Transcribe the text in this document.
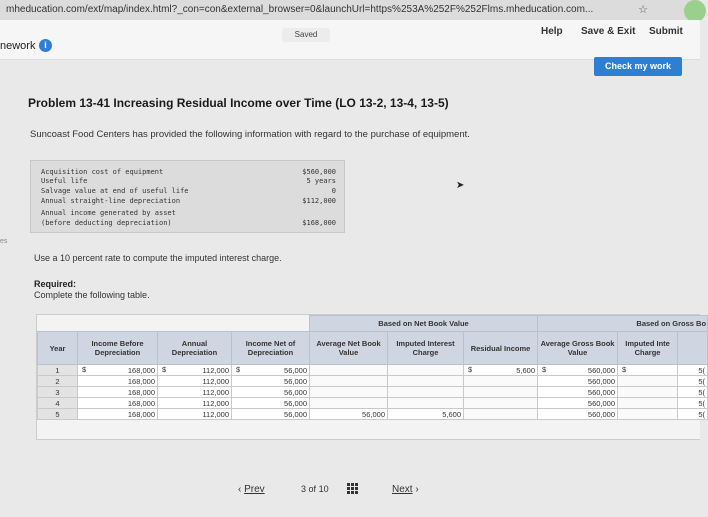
mheducation.com/ext/map/index.html?_con=con&external_browser=0&launchUrl=https%253A%252F%252Flms.mheducation.com...	☆
nework i
Saved	Help Save & Exit Submit
Check my work
es
Problem 13-41 Increasing Residual Income over Time (LO 13-2, 13-4, 13-5)
Suncoast Food Centers has provided the following information with regard to the purchase of equipment.
Acquisition cost of equipment	$560,000
Useful life	5 years
Salvage value at end of useful life	0
Annual straight-line depreciation	$112,000
Annual income generated by asset
(before deducting depreciation)	$168,000
➤
Use a 10 percent rate to compute the imputed interest charge.
Required:
Complete the following table.
				Based on Net Book Value			Based on Gross Bo		
Year	Income Before Depreciation	Annual Depreciation	Income Net of Depreciation	Average Net Book Value	Imputed Interest Charge	Residual Income	Average Gross Book Value	Imputed Inte Charge	
1	$ 168,000	$ 112,000	$ 56,000			$ 5,600	$ 560,000	$	5(
2	168,000	112,000	56,000				560,000		5(
3	168,000	112,000	56,000				560,000		5(
4	168,000	112,000	56,000				560,000		5(
5	168,000	112,000	56,000	56,000	5,600		560,000		5(
‹ Prev	3 of 10	Next ›
